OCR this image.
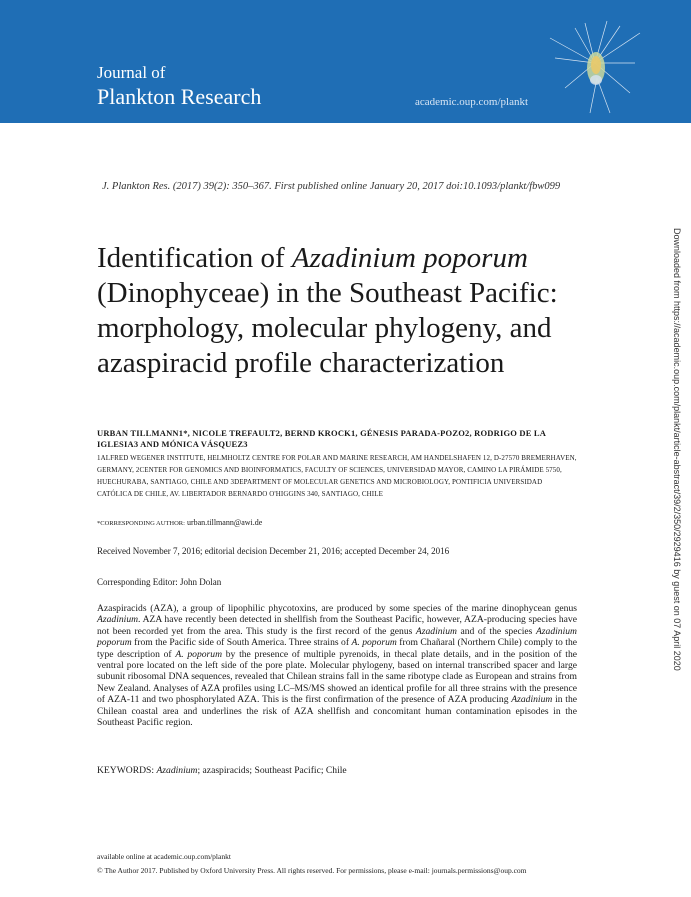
Journal of
Plankton Research	academic.oup.com/plankt
J. Plankton Res. (2017) 39(2): 350–367. First published online January 20, 2017 doi:10.1093/plankt/fbw099
Downloaded from https://academic.oup.com/plankt/article-abstract/39/2/350/2929416 by guest on 07 April 2020
Identification of Azadinium poporum (Dinophyceae) in the Southeast Pacific: morphology, molecular phylogeny, and azaspiracid profile characterization
URBAN TILLMANN1*, NICOLE TREFAULT2, BERND KROCK1, GÉNESIS PARADA-POZO2, RODRIGO DE LA IGLESIA3 AND MÓNICA VÁSQUEZ3
1ALFRED WEGENER INSTITUTE, HELMHOLTZ CENTRE FOR POLAR AND MARINE RESEARCH, AM HANDELSHAFEN 12, D-27570 BREMERHAVEN, GERMANY, 2CENTER FOR GENOMICS AND BIOINFORMATICS, FACULTY OF SCIENCES, UNIVERSIDAD MAYOR, CAMINO LA PIRÁMIDE 5750, HUECHURABA, SANTIAGO, CHILE AND 3DEPARTMENT OF MOLECULAR GENETICS AND MICROBIOLOGY, PONTIFICIA UNIVERSIDAD CATÓLICA DE CHILE, AV. LIBERTADOR BERNARDO O'HIGGINS 340, SANTIAGO, CHILE
*CORRESPONDING AUTHOR: urban.tillmann@awi.de
Received November 7, 2016; editorial decision December 21, 2016; accepted December 24, 2016
Corresponding Editor: John Dolan
Azaspiracids (AZA), a group of lipophilic phycotoxins, are produced by some species of the marine dinophycean genus Azadinium. AZA have recently been detected in shellfish from the Southeast Pacific, however, AZA-producing species have not been recorded yet from the area. This study is the first record of the genus Azadinium and of the species Azadinium poporum from the Pacific side of South America. Three strains of A. poporum from Chañaral (Northern Chile) comply to the type description of A. poporum by the presence of multiple pyrenoids, in thecal plate details, and in the position of the ventral pore located on the left side of the pore plate. Molecular phylogeny, based on internal transcribed spacer and large subunit ribosomal DNA sequences, revealed that Chilean strains fall in the same ribotype clade as European and strains from New Zealand. Analyses of AZA profiles using LC–MS/MS showed an identical profile for all three strains with the presence of AZA-11 and two phosphorylated AZA. This is the first confirmation of the presence of AZA producing Azadinium in the Chilean coastal area and underlines the risk of AZA shellfish and concomitant human contamination episodes in the Southeast Pacific region.
KEYWORDS: Azadinium; azaspiracids; Southeast Pacific; Chile
available online at academic.oup.com/plankt
© The Author 2017. Published by Oxford University Press. All rights reserved. For permissions, please e-mail: journals.permissions@oup.com
